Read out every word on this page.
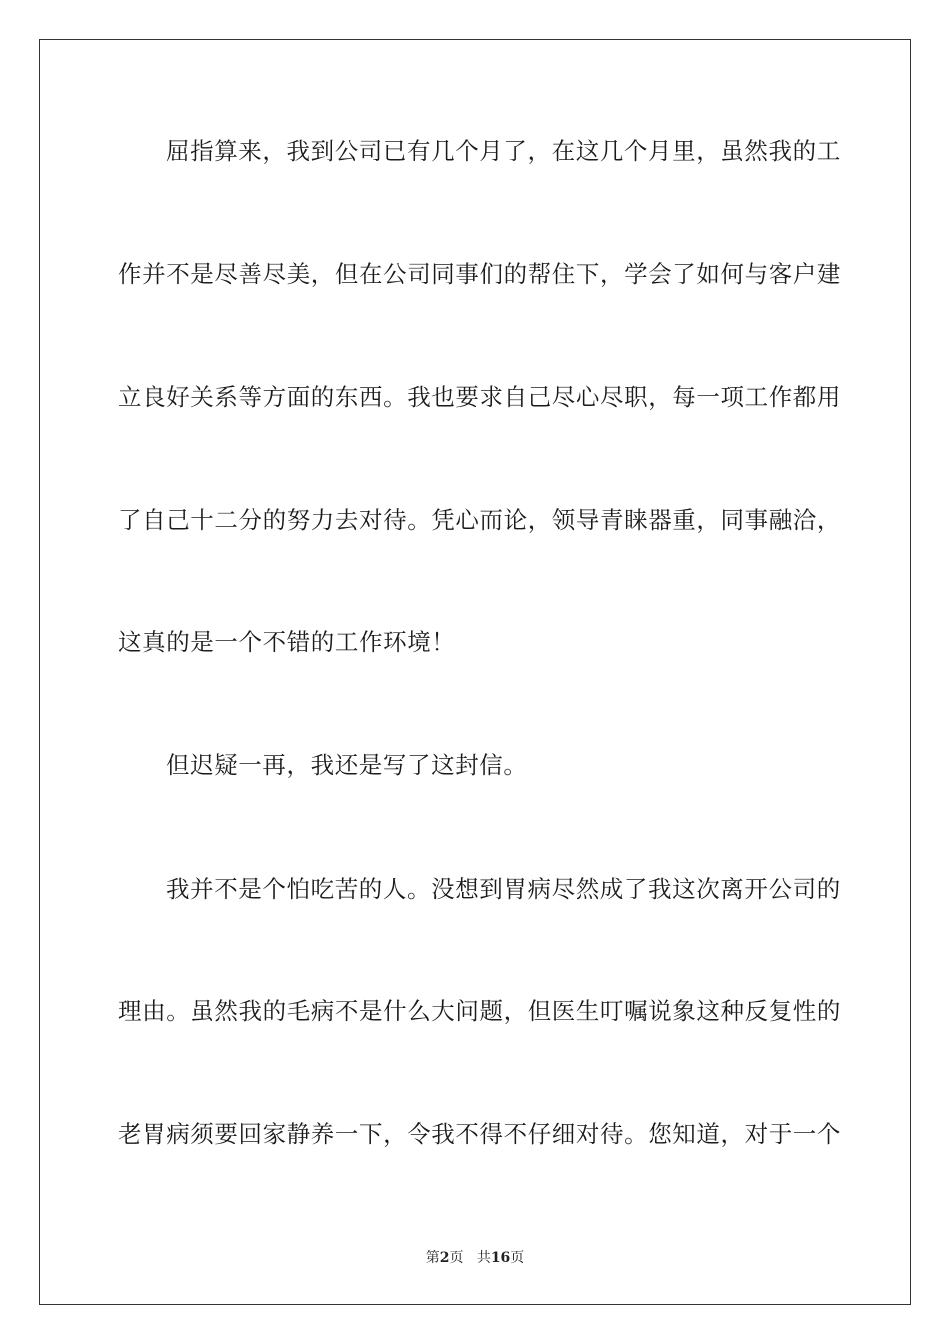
屈指算来，我到公司已有几个月了，在这几个月里，虽然我的工
作并不是尽善尽美，但在公司同事们的帮住下，学会了如何与客户建
立良好关系等方面的东西。我也要求自己尽心尽职，每一项工作都用
了自己十二分的努力去对待。凭心而论，领导青睐器重，同事融洽，
这真的是一个不错的工作环境！
但迟疑一再，我还是写了这封信。
我并不是个怕吃苦的人。没想到胃病尽然成了我这次离开公司的
理由。虽然我的毛病不是什么大问题，但医生叮嘱说象这种反复性的
老胃病须要回家静养一下，令我不得不仔细对待。您知道，对于一个
第2页 共16页
